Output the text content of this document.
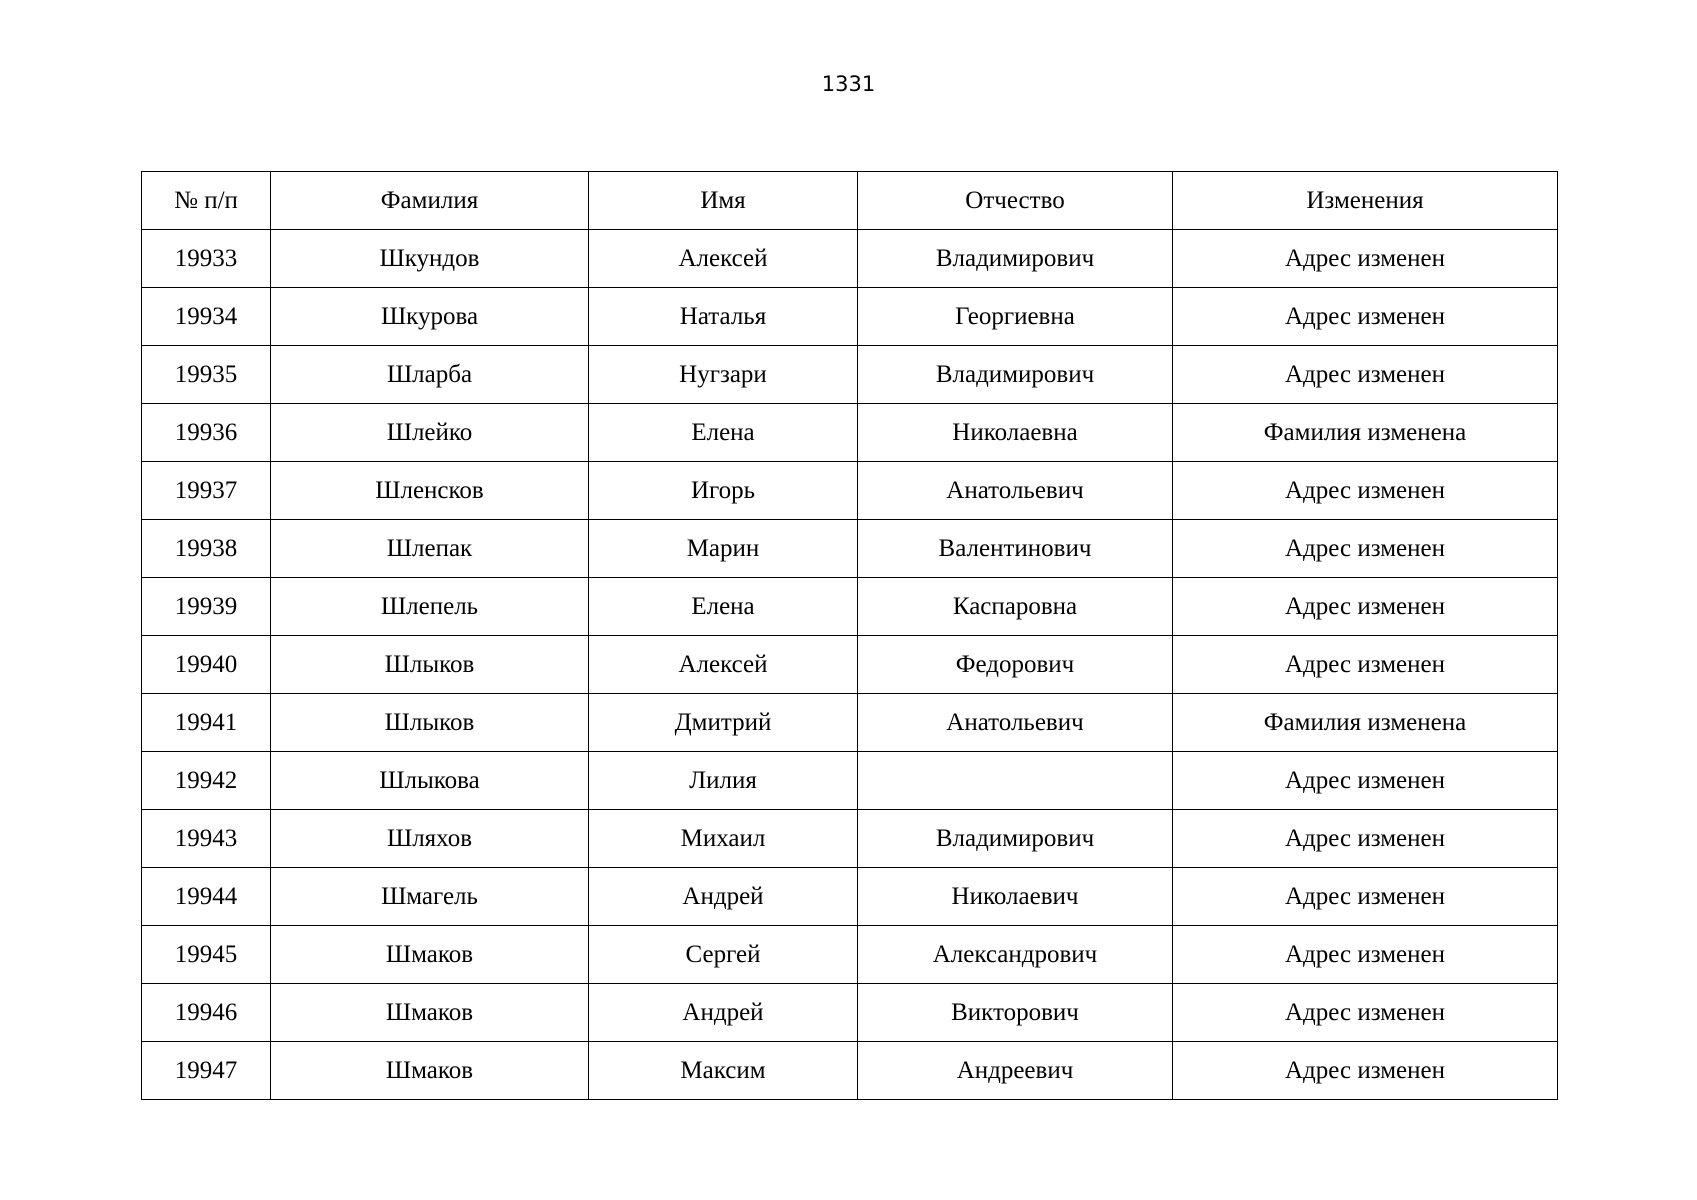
1331
№ п/п	Фамилия	Имя	Отчество	Изменения
19933	Шкундов	Алексей	Владимирович	Адрес изменен
19934	Шкурова	Наталья	Георгиевна	Адрес изменен
19935	Шларба	Нугзари	Владимирович	Адрес изменен
19936	Шлейко	Елена	Николаевна	Фамилия изменена
19937	Шленсков	Игорь	Анатольевич	Адрес изменен
19938	Шлепак	Марин	Валентинович	Адрес изменен
19939	Шлепель	Елена	Каспаровна	Адрес изменен
19940	Шлыков	Алексей	Федорович	Адрес изменен
19941	Шлыков	Дмитрий	Анатольевич	Фамилия изменена
19942	Шлыкова	Лилия		Адрес изменен
19943	Шляхов	Михаил	Владимирович	Адрес изменен
19944	Шмагель	Андрей	Николаевич	Адрес изменен
19945	Шмаков	Сергей	Александрович	Адрес изменен
19946	Шмаков	Андрей	Викторович	Адрес изменен
19947	Шмаков	Максим	Андреевич	Адрес изменен
